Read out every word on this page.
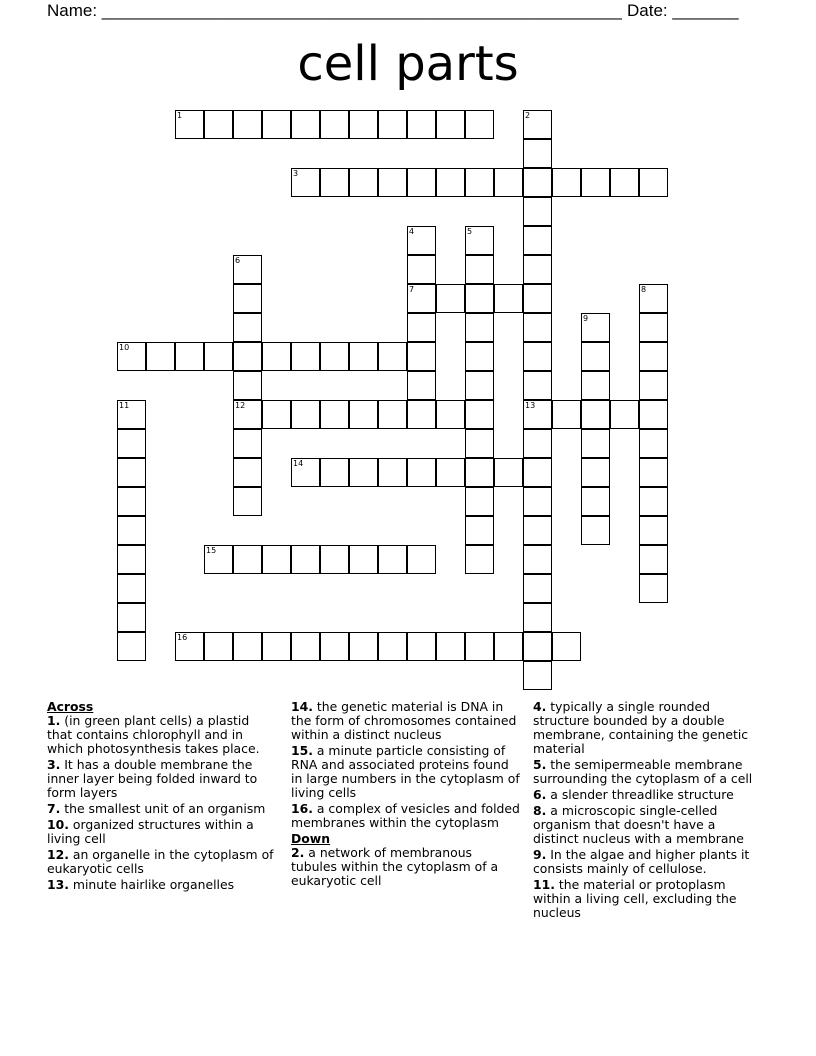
Name: _______________________________________________________ Date: _______
cell parts
1	2
13
3
4
7
5
6
12
8
9
10
11
14
15
16
Across
1. (in green plant cells) a plastid that contains chlorophyll and in which photosynthesis takes place.
3. It has a double membrane the inner layer being folded inward to form layers
7. the smallest unit of an organism
10. organized structures within a living cell
12. an organelle in the cytoplasm of eukaryotic cells
13. minute hairlike organelles
14. the genetic material is DNA in the form of chromosomes contained within a distinct nucleus
15. a minute particle consisting of RNA and associated proteins found in large numbers in the cytoplasm of living cells
16. a complex of vesicles and folded membranes within the cytoplasm
Down
2. a network of membranous tubules within the cytoplasm of a eukaryotic cell
4. typically a single rounded structure bounded by a double membrane, containing the genetic material
5. the semipermeable membrane surrounding the cytoplasm of a cell
6. a slender threadlike structure
8. a microscopic single-celled organism that doesn't have a distinct nucleus with a membrane
9. In the algae and higher plants it consists mainly of cellulose.
11. the material or protoplasm within a living cell, excluding the nucleus
